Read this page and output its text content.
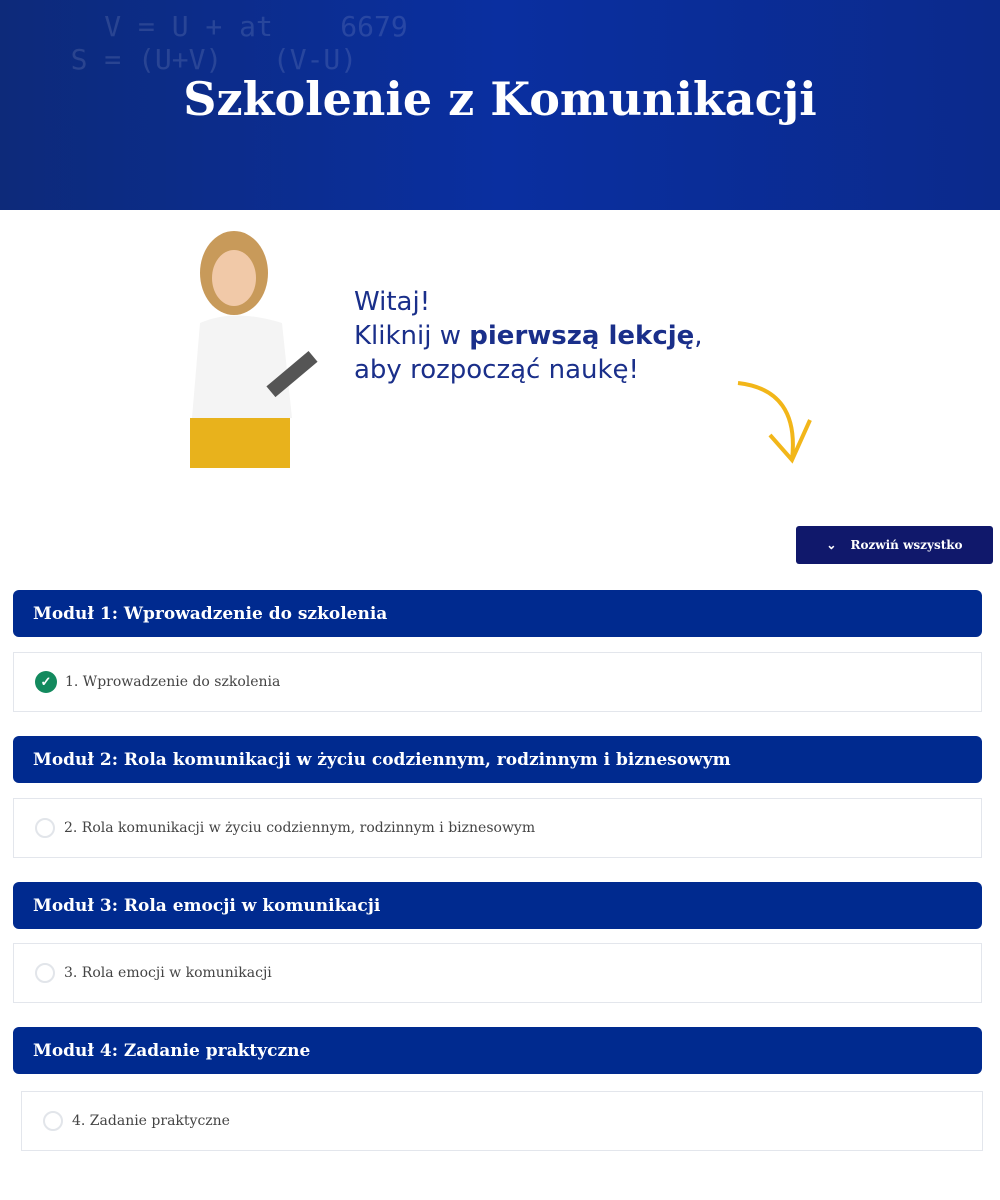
V = U + at    6679
S = (U+V)   (V-U)

Szkolenie z Komunikacji
Witaj!
Kliknij w pierwszą lekcję,
aby rozpocząć naukę!
⌄ Rozwiń wszystko
Moduł 1: Wprowadzenie do szkolenia
✓ 1. Wprowadzenie do szkolenia
Moduł 2: Rola komunikacji w życiu codziennym, rodzinnym i biznesowym
2. Rola komunikacji w życiu codziennym, rodzinnym i biznesowym
Moduł 3: Rola emocji w komunikacji
3. Rola emocji w komunikacji
Moduł 4: Zadanie praktyczne
4. Zadanie praktyczne
